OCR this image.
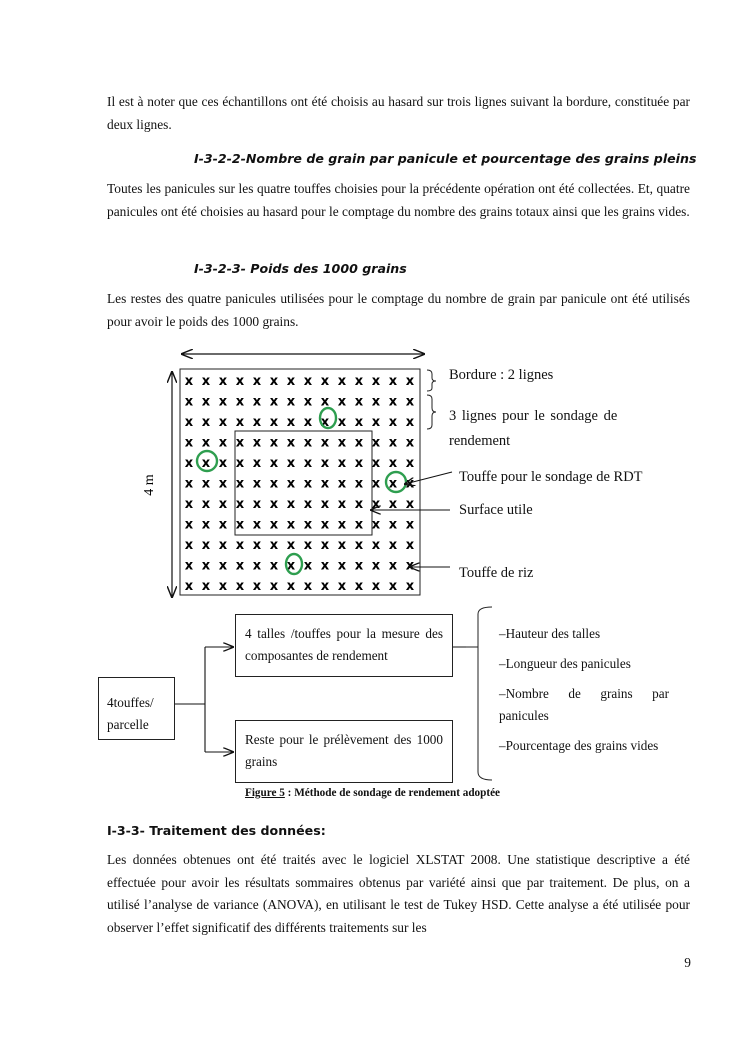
Il est à noter que ces échantillons ont été choisis au hasard sur trois lignes suivant la bordure, constituée par deux lignes.

I-3-2-2-Nombre de grain par panicule et pourcentage des grains pleins

Toutes les panicules sur les quatre touffes choisies pour la précédente opération ont été collectées. Et, quatre panicules ont été choisies au hasard pour le comptage du nombre des grains totaux ainsi que les grains vides.

I-3-2-3- Poids des 1000 grains

Les restes des quatre panicules utilisées pour le comptage du nombre de grain par panicule ont été utilisés pour avoir le poids des 1000 grains.

4 m
x x x x x x x x x x x x x x
x x x x x x x x x x x x x x
x x x x x x x x x x x x x x
x x x x x x x x x x x x x x
x x x x x x x x x x x x x x
x x x x x x x x x x x x x x
x x x x x x x x x x x x x x
x x x x x x x x x x x x x x
x x x x x x x x x x x x x x
x x x x x x x x x x x x x x
x x x x x x x x x x x x x x
Bordure : 2 lignes
3 lignes pour le sondage de
rendement
Touffe pour le sondage de RDT
Surface utile
Touffe de riz
4touffes/ parcelle
4 talles /touffes pour la mesure des composantes de rendement
Reste pour le prélèvement des 1000 grains
–Hauteur des talles
–Longueur des panicules
–Nombre de grains par panicules
–Pourcentage des grains vides
Figure 5 : Méthode de sondage de rendement adoptée

I-3-3- Traitement des données:

Les données obtenues ont été traités avec le logiciel XLSTAT 2008. Une statistique descriptive a été effectuée pour avoir les résultats sommaires obtenus par variété ainsi que par traitement. De plus, on a utilisé l’analyse de variance (ANOVA), en utilisant le test de Tukey HSD. Cette analyse a été utilisée pour observer l’effet significatif des différents traitements sur les

9
